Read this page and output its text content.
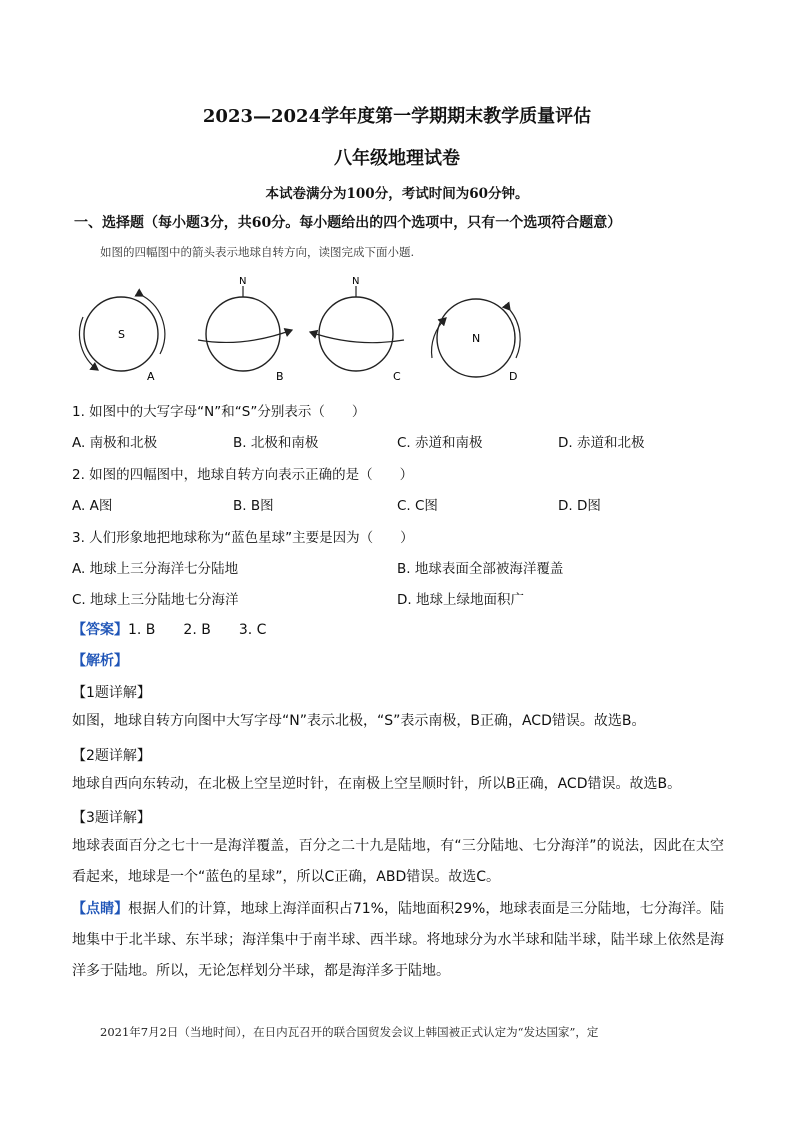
2023—2024学年度第一学期期末教学质量评估
八年级地理试卷
本试卷满分为100分，考试时间为60分钟。
一、选择题（每小题3分，共60分。每小题给出的四个选项中，只有一个选项符合题意）
如图的四幅图中的箭头表示地球自转方向，读图完成下面小题.
S
A
N
B
N
C
N
D
1. 如图中的大写字母“N”和“S”分别表示（　　）
A. 南极和北极	B. 北极和南极	C. 赤道和南极	D. 赤道和北极
2. 如图的四幅图中，地球自转方向表示正确的是（　　）
A. A图	B. B图	C. C图	D. D图
3. 人们形象地把地球称为“蓝色星球”主要是因为（　　）
A. 地球上三分海洋七分陆地	B. 地球表面全部被海洋覆盖
C. 地球上三分陆地七分海洋	D. 地球上绿地面积广
【答案】1. B　　2. B　　3. C
【解析】
【1题详解】
如图，地球自转方向图中大写字母“N”表示北极，“S”表示南极，B正确，ACD错误。故选B。
【2题详解】
地球自西向东转动，在北极上空呈逆时针，在南极上空呈顺时针，所以B正确，ACD错误。故选B。
【3题详解】
地球表面百分之七十一是海洋覆盖，百分之二十九是陆地，有“三分陆地、七分海洋”的说法，因此在太空看起来，地球是一个“蓝色的星球”，所以C正确，ABD错误。故选C。
【点睛】根据人们的计算，地球上海洋面积占71%，陆地面积29%，地球表面是三分陆地，七分海洋。陆地集中于北半球、东半球；海洋集中于南半球、西半球。将地球分为水半球和陆半球，陆半球上依然是海洋多于陆地。所以，无论怎样划分半球，都是海洋多于陆地。
2021年7月2日（当地时间），在日内瓦召开的联合国贸发会议上韩国被正式认定为“发达国家”，定
